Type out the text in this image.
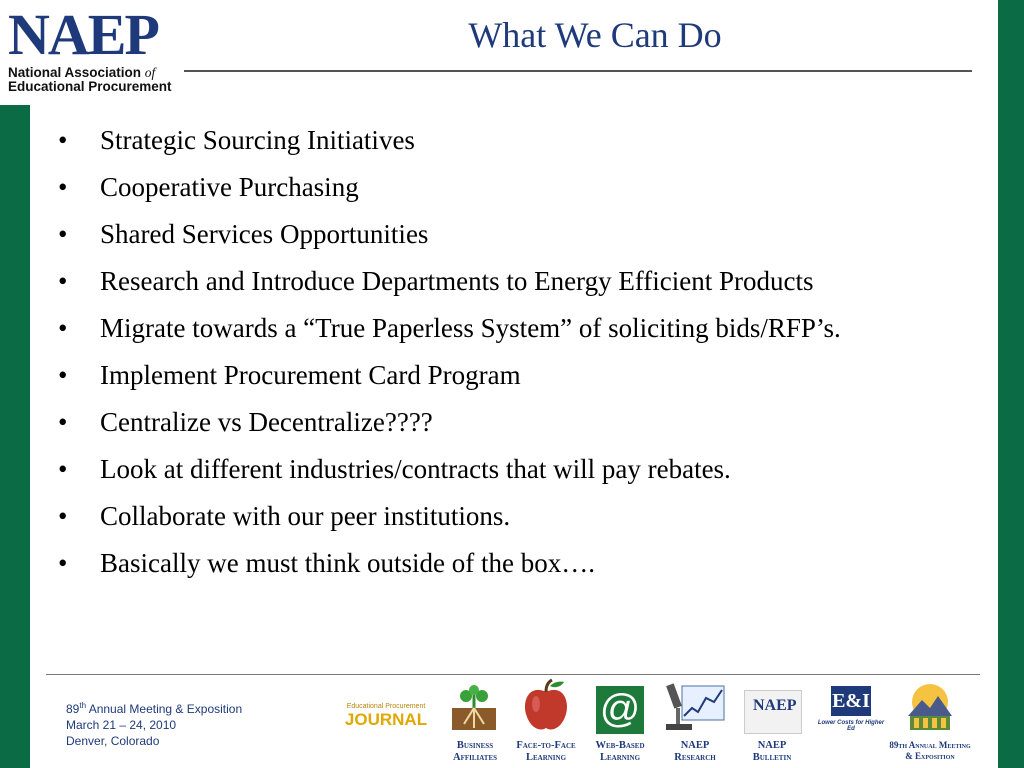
NAEP
National Association of
Educational Procurement
What We Can Do
• Strategic Sourcing Initiatives
• Cooperative Purchasing
• Shared Services Opportunities
• Research and Introduce Departments to Energy Efficient Products
• Migrate towards a “True Paperless System” of soliciting bids/RFP’s.
• Implement Procurement Card Program
• Centralize vs Decentralize????
• Look at different industries/contracts that will pay rebates.
• Collaborate with our peer institutions.
• Basically we must think outside of the box….
89th Annual Meeting & Exposition
March 21 – 24, 2010
Denver, Colorado
Educational Procurement
JOURNAL
Business
Affiliates
Face-to-Face
Learning
@
Web-Based
Learning
NAEP
Research
NAEP
NAEP
Bulletin
E&I
Lower Costs for Higher Ed
89th Annual Meeting
& Exposition
